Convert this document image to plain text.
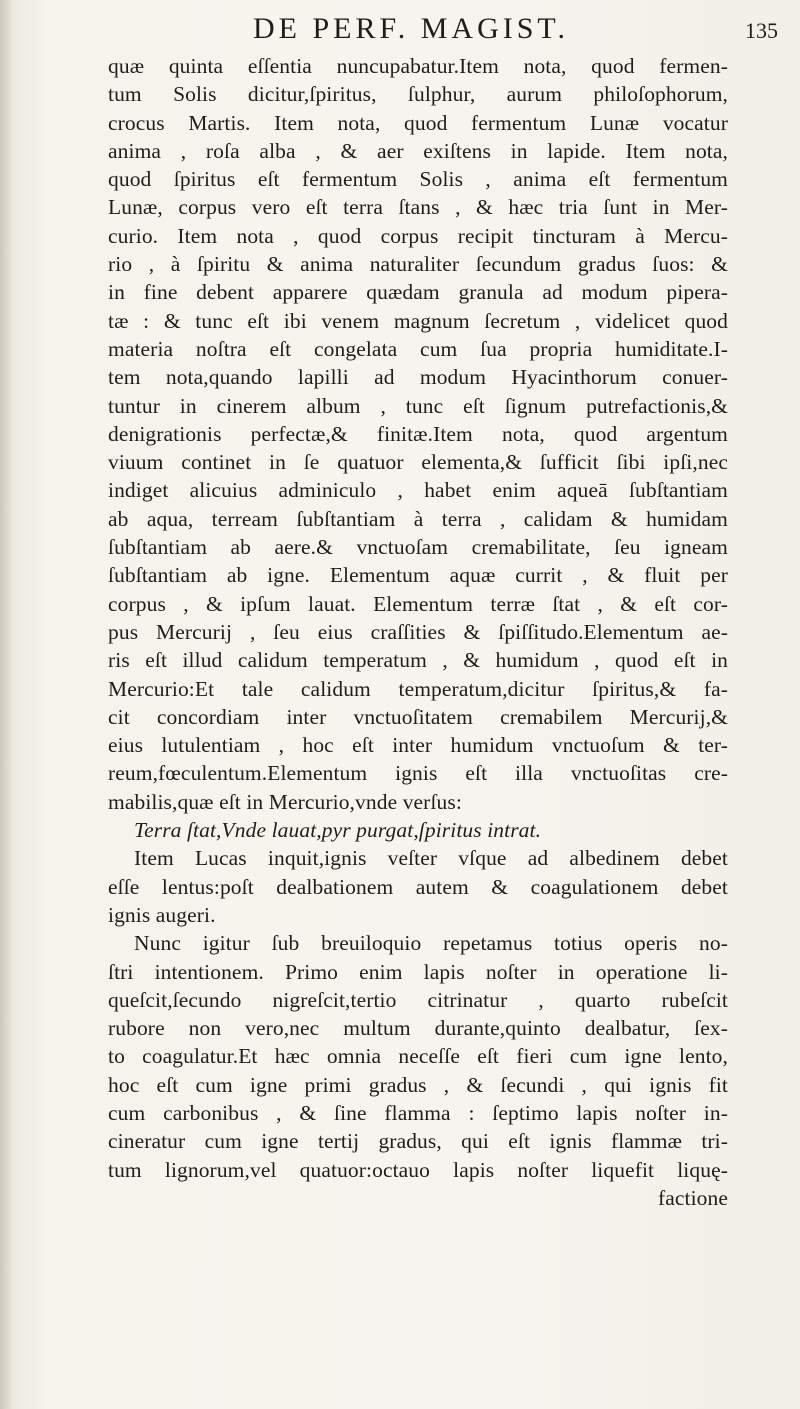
DE PERF. MAGIST.	135
quæ quinta eſſentia nuncupabatur.Item nota, quod fermen-
tum Solis dicitur,ſpiritus, ſulphur, aurum philoſophorum,
crocus Martis. Item nota, quod fermentum Lunæ vocatur
anima , roſa alba , & aer exiſtens in lapide. Item nota,
quod ſpiritus eſt fermentum Solis , anima eſt fermentum
Lunæ, corpus vero eſt terra ſtans , & hæc tria ſunt in Mer-
curio. Item nota , quod corpus recipit tincturam à Mercu-
rio , à ſpiritu & anima naturaliter ſecundum gradus ſuos: &
in fine debent apparere quædam granula ad modum pipera-
tæ : & tunc eſt ibi venem magnum ſecretum , videlicet quod
materia noſtra eſt congelata cum ſua propria humiditate.I-
tem nota,quando lapilli ad modum Hyacinthorum conuer-
tuntur in cinerem album , tunc eſt ſignum putrefactionis,&
denigrationis perfectæ,& finitæ.Item nota, quod argentum
viuum continet in ſe quatuor elementa,& ſufficit ſibi ipſi,nec
indiget alicuius adminiculo , habet enim aqueā ſubſtantiam
ab aqua, terream ſubſtantiam à terra , calidam & humidam
ſubſtantiam ab aere.& vnctuoſam cremabilitate, ſeu igneam
ſubſtantiam ab igne. Elementum aquæ currit , & fluit per
corpus , & ipſum lauat. Elementum terræ ſtat , & eſt cor-
pus Mercurij , ſeu eius craſſities & ſpiſſitudo.Elementum ae-
ris eſt illud calidum temperatum , & humidum , quod eſt in
Mercurio:Et tale calidum temperatum,dicitur ſpiritus,& fa-
cit concordiam inter vnctuoſitatem cremabilem Mercurij,&
eius lutulentiam , hoc eſt inter humidum vnctuoſum & ter-
reum,fœculentum.Elementum ignis eſt illa vnctuoſitas cre-
mabilis,quæ eſt in Mercurio,vnde verſus:
Terra ſtat,Vnde lauat,pyr purgat,ſpiritus intrat.
Item Lucas inquit,ignis veſter vſque ad albedinem debet
eſſe lentus:poſt dealbationem autem & coagulationem debet
ignis augeri.
Nunc igitur ſub breuiloquio repetamus totius operis no-
ſtri intentionem. Primo enim lapis noſter in operatione li-
queſcit,ſecundo nigreſcit,tertio citrinatur , quarto rubeſcit
rubore non vero,nec multum durante,quinto dealbatur, ſex-
to coagulatur.Et hæc omnia neceſſe eſt fieri cum igne lento,
hoc eſt cum igne primi gradus , & ſecundi , qui ignis fit
cum carbonibus , & ſine flamma : ſeptimo lapis noſter in-
cineratur cum igne tertij gradus, qui eſt ignis flammæ tri-
tum lignorum,vel quatuor:octauo lapis noſter liquefit liquę-
factione
